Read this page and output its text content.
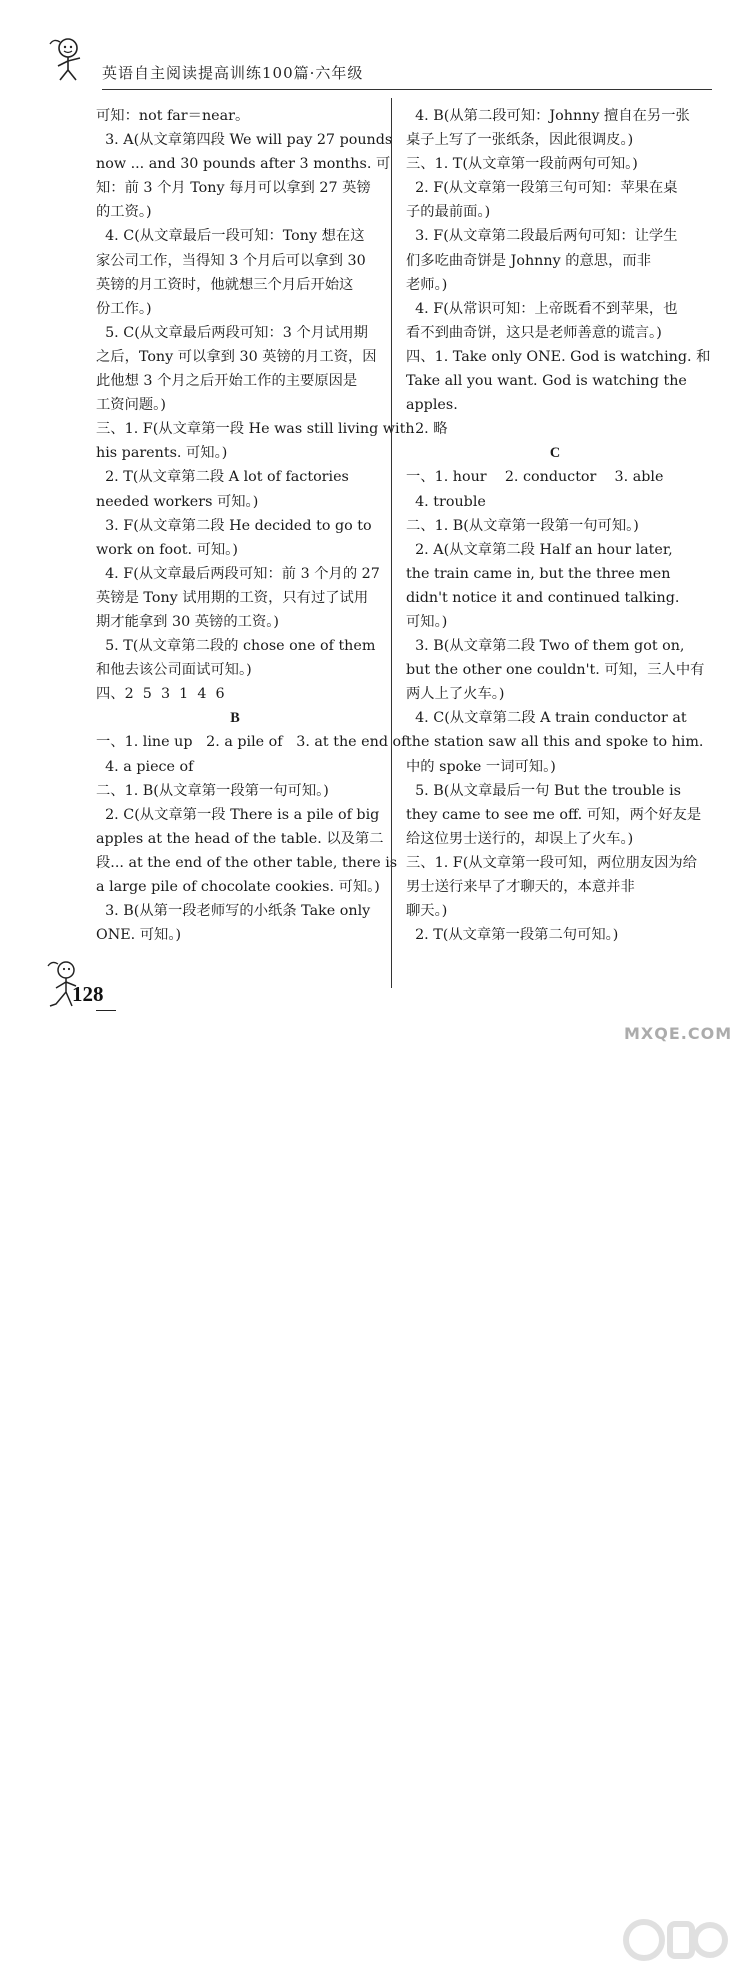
英语自主阅读提高训练100篇·六年级
可知：not far＝near。
3. A(从文章第四段 We will pay 27 pounds
now ... and 30 pounds after 3 months. 可
知：前 3 个月 Tony 每月可以拿到 27 英镑
的工资。)
4. C(从文章最后一段可知：Tony 想在这
家公司工作，当得知 3 个月后可以拿到 30
英镑的月工资时，他就想三个月后开始这
份工作。)
5. C(从文章最后两段可知：3 个月试用期
之后，Tony 可以拿到 30 英镑的月工资，因
此他想 3 个月之后开始工作的主要原因是
工资问题。)
三、1. F(从文章第一段 He was still living with
his parents. 可知。)
2. T(从文章第二段 A lot of factories
needed workers 可知。)
3. F(从文章第二段 He decided to go to
work on foot. 可知。)
4. F(从文章最后两段可知：前 3 个月的 27
英镑是 Tony 试用期的工资，只有过了试用
期才能拿到 30 英镑的工资。)
5. T(从文章第二段的 chose one of them
和他去该公司面试可知。)
四、2  5  3  1  4  6
B
一、1. line up   2. a pile of   3. at the end of
4. a piece of
二、1. B(从文章第一段第一句可知。)
2. C(从文章第一段 There is a pile of big
apples at the head of the table. 以及第二
段... at the end of the other table, there is
a large pile of chocolate cookies. 可知。)
3. B(从第一段老师写的小纸条 Take only
ONE. 可知。)
4. B(从第二段可知：Johnny 擅自在另一张
桌子上写了一张纸条，因此很调皮。)
三、1. T(从文章第一段前两句可知。)
2. F(从文章第一段第三句可知：苹果在桌
子的最前面。)
3. F(从文章第二段最后两句可知：让学生
们多吃曲奇饼是 Johnny 的意思，而非
老师。)
4. F(从常识可知：上帝既看不到苹果，也
看不到曲奇饼，这只是老师善意的谎言。)
四、1. Take only ONE. God is watching. 和
Take all you want. God is watching the
apples.
2. 略
C
一、1. hour    2. conductor    3. able
4. trouble
二、1. B(从文章第一段第一句可知。)
2. A(从文章第二段 Half an hour later,
the train came in, but the three men
didn't notice it and continued talking.
可知。)
3. B(从文章第二段 Two of them got on,
but the other one couldn't. 可知，三人中有
两人上了火车。)
4. C(从文章第二段 A train conductor at
the station saw all this and spoke to him.
中的 spoke 一词可知。)
5. B(从文章最后一句 But the trouble is
they came to see me off. 可知，两个好友是
给这位男士送行的，却误上了火车。)
三、1. F(从文章第一段可知，两位朋友因为给
男士送行来早了才聊天的，本意并非
聊天。)
2. T(从文章第一段第二句可知。)
128
MXQE.COM
